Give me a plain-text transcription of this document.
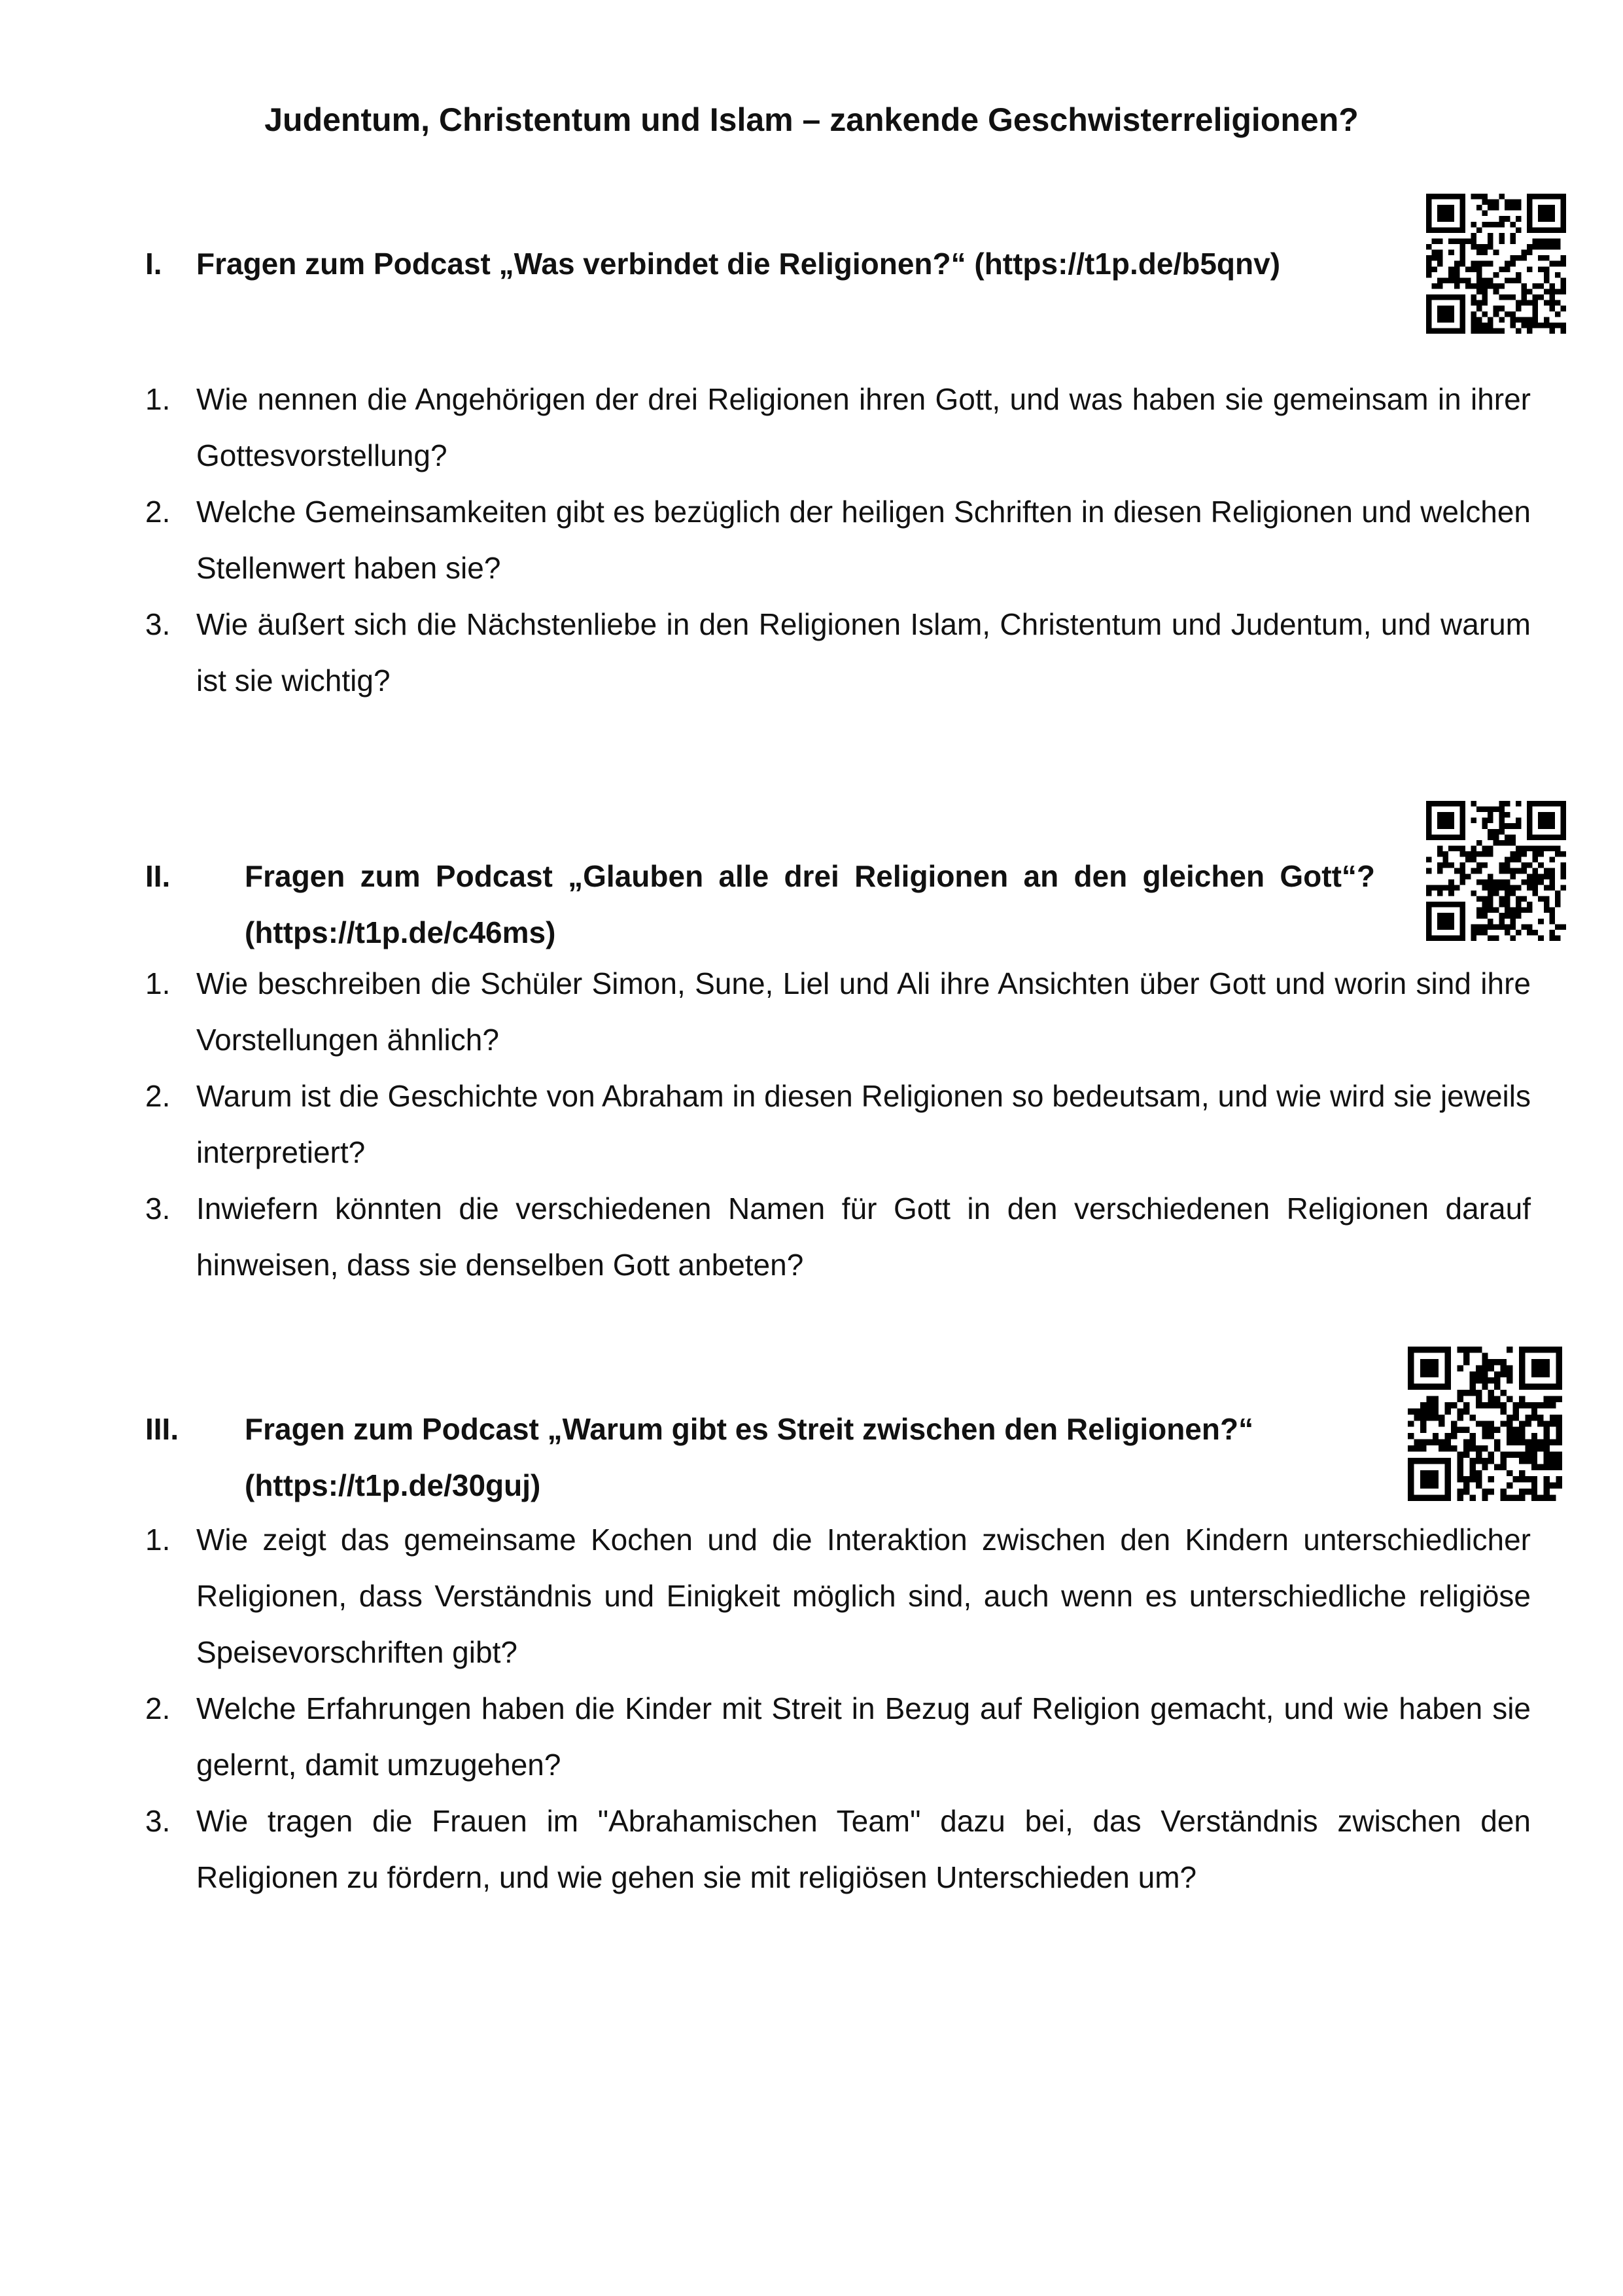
Judentum, Christentum und Islam – zankende Geschwisterreligionen?
I. Fragen zum Podcast „Was verbindet die Religionen?“ (https://t1p.de/b5qnv)
1. Wie nennen die Angehörigen der drei Religionen ihren Gott, und was haben sie gemeinsam in ihrer Gottesvorstellung?
2. Welche Gemeinsamkeiten gibt es bezüglich der heiligen Schriften in diesen Religionen und welchen Stellenwert haben sie?
3. Wie äußert sich die Nächstenliebe in den Religionen Islam, Christentum und Judentum, und warum ist sie wichtig?
II. Fragen zum Podcast „Glauben alle drei Religionen an den gleichen Gott“? (https://t1p.de/c46ms)
1. Wie beschreiben die Schüler Simon, Sune, Liel und Ali ihre Ansichten über Gott und worin sind ihre Vorstellungen ähnlich?
2. Warum ist die Geschichte von Abraham in diesen Religionen so bedeutsam, und wie wird sie jeweils interpretiert?
3. Inwiefern könnten die verschiedenen Namen für Gott in den verschiedenen Religionen darauf hinweisen, dass sie denselben Gott anbeten?
III. Fragen zum Podcast „Warum gibt es Streit zwischen den Religionen?“ (https://t1p.de/30guj)
1. Wie zeigt das gemeinsame Kochen und die Interaktion zwischen den Kindern unterschiedlicher Religionen, dass Verständnis und Einigkeit möglich sind, auch wenn es unterschiedliche religiöse Speisevorschriften gibt?
2. Welche Erfahrungen haben die Kinder mit Streit in Bezug auf Religion gemacht, und wie haben sie gelernt, damit umzugehen?
3. Wie tragen die Frauen im "Abrahamischen Team" dazu bei, das Verständnis zwischen den Religionen zu fördern, und wie gehen sie mit religiösen Unterschieden um?
